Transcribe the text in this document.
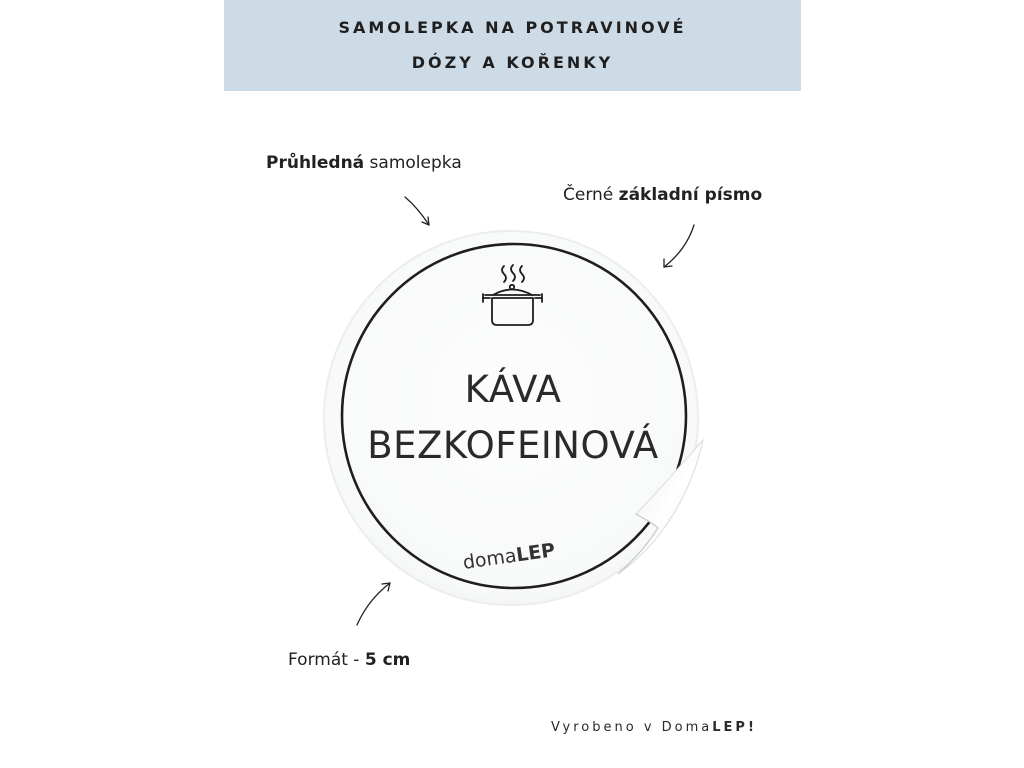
SAMOLEPKA NA POTRAVINOVÉ
DÓZY A KOŘENKY
Průhledná samolepka
Černé základní písmo
Formát - 5 cm
KÁVA
BEZKOFEINOVÁ
domaLEP
Vyrobeno v DomaLEP!
